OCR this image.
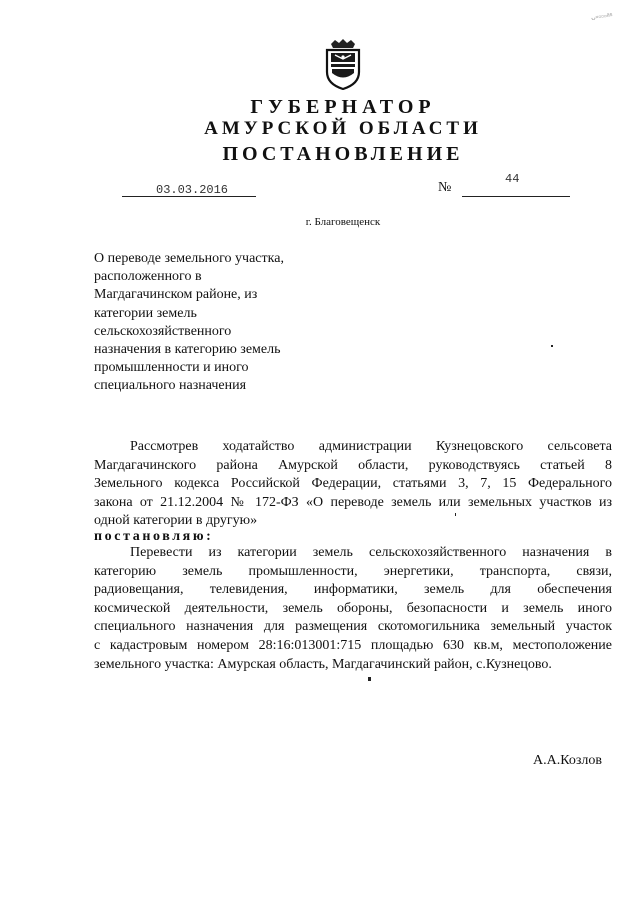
ᴗ▫▫▫▫ᵃˢ
ГУБЕРНАТОР
АМУРСКОЙ ОБЛАСТИ
ПОСТАНОВЛЕНИЕ
03.03.2016	№
44
г. Благовещенск
О переводе земельного участка,
расположенного в
Магдагачинском районе, из
категории земель
сельскохозяйственного
назначения в категорию земель
промышленности и иного
специального назначения
Рассмотрев ходатайство администрации Кузнецовского сельсовета
Магдагачинского района Амурской области, руководствуясь статьей 8
Земельного кодекса Российской Федерации, статьями 3, 7, 15 Федерального
закона от 21.12.2004 № 172-ФЗ «О переводе земель или земельных участков из
одной категории в другую»
постановляю:
Перевести из категории земель сельскохозяйственного назначения в
категорию земель промышленности, энергетики, транспорта, связи,
радиовещания, телевидения, информатики, земель для обеспечения
космической деятельности, земель обороны, безопасности и земель иного
специального назначения для размещения скотомогильника земельный участок
с кадастровым номером 28:16:013001:715 площадью 630 кв.м, местоположение
земельного участка: Амурская область, Магдагачинский район, с.Кузнецово.
А.А.Козлов
